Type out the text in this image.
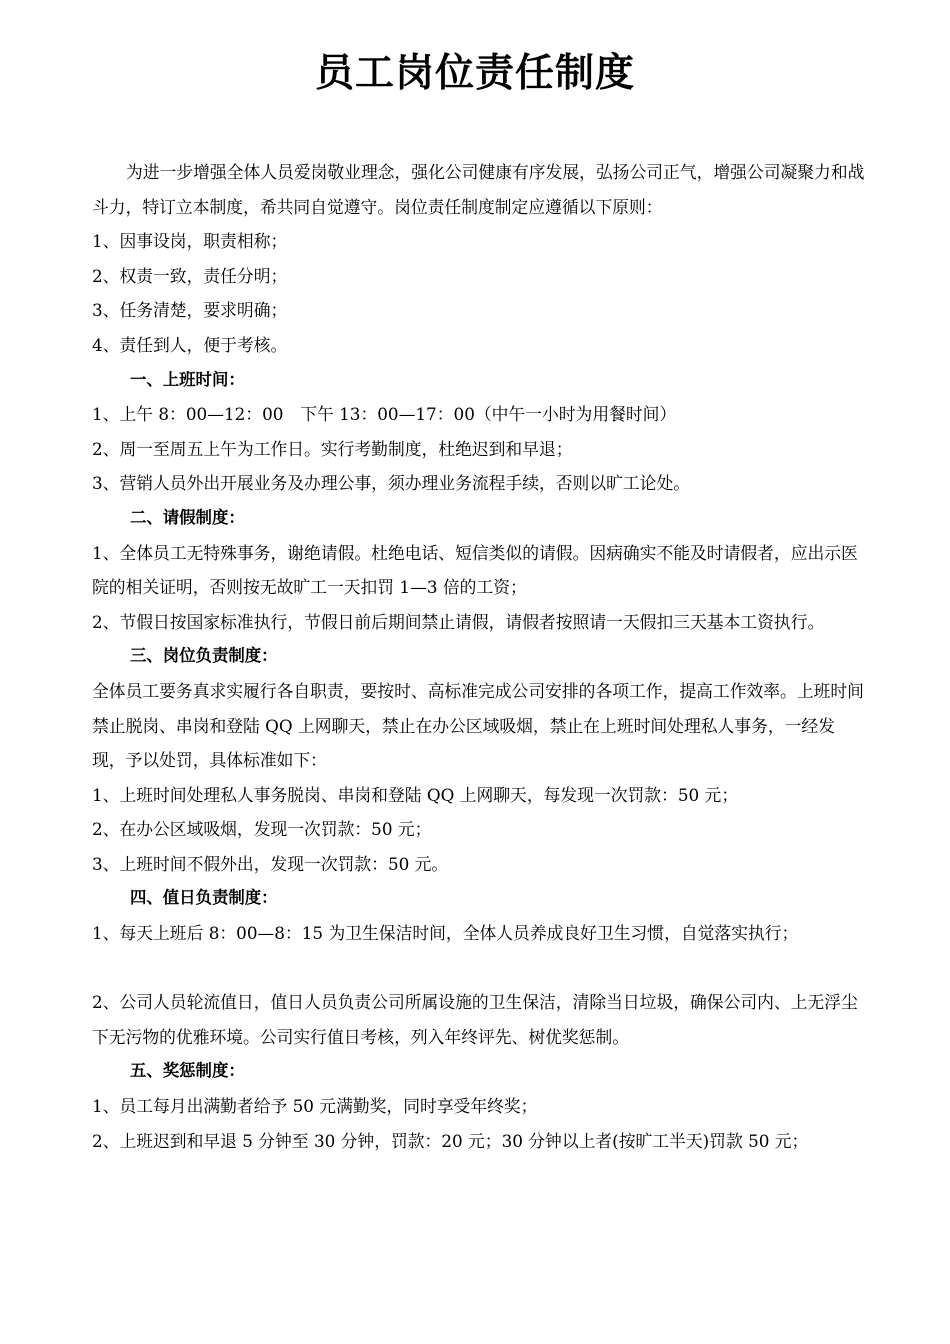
员工岗位责任制度

为进一步增强全体人员爱岗敬业理念，强化公司健康有序发展，弘扬公司正气，增强公司凝聚力和战斗力，特订立本制度，希共同自觉遵守。岗位责任制度制定应遵循以下原则：

1、因事设岗，职责相称；

2、权责一致，责任分明；

3、任务清楚，要求明确；

4、责任到人，便于考核。

一、上班时间：

1、上午 8：00—12：00　下午 13：00—17：00（中午一小时为用餐时间）

2、周一至周五上午为工作日。实行考勤制度，杜绝迟到和早退；

3、营销人员外出开展业务及办理公事，须办理业务流程手续，否则以旷工论处。

二、请假制度：

1、全体员工无特殊事务，谢绝请假。杜绝电话、短信类似的请假。因病确实不能及时请假者，应出示医院的相关证明，否则按无故旷工一天扣罚 1—3 倍的工资；

2、节假日按国家标准执行，节假日前后期间禁止请假，请假者按照请一天假扣三天基本工资执行。

三、岗位负责制度：

全体员工要务真求实履行各自职责，要按时、高标准完成公司安排的各项工作，提高工作效率。上班时间禁止脱岗、串岗和登陆 QQ 上网聊天，禁止在办公区域吸烟，禁止在上班时间处理私人事务，一经发现，予以处罚，具体标准如下：

1、上班时间处理私人事务脱岗、串岗和登陆 QQ 上网聊天，每发现一次罚款：50 元；

2、在办公区域吸烟，发现一次罚款：50 元；

3、上班时间不假外出，发现一次罚款：50 元。

四、值日负责制度：

1、每天上班后 8：00—8：15 为卫生保洁时间，全体人员养成良好卫生习惯，自觉落实执行；

2、公司人员轮流值日，值日人员负责公司所属设施的卫生保洁，清除当日垃圾，确保公司内、上无浮尘下无污物的优雅环境。公司实行值日考核，列入年终评先、树优奖惩制。

五、奖惩制度：

1、员工每月出满勤者给予 50 元满勤奖，同时享受年终奖；

2、上班迟到和早退 5 分钟至 30 分钟，罚款：20 元；30 分钟以上者(按旷工半天)罚款 50 元；
